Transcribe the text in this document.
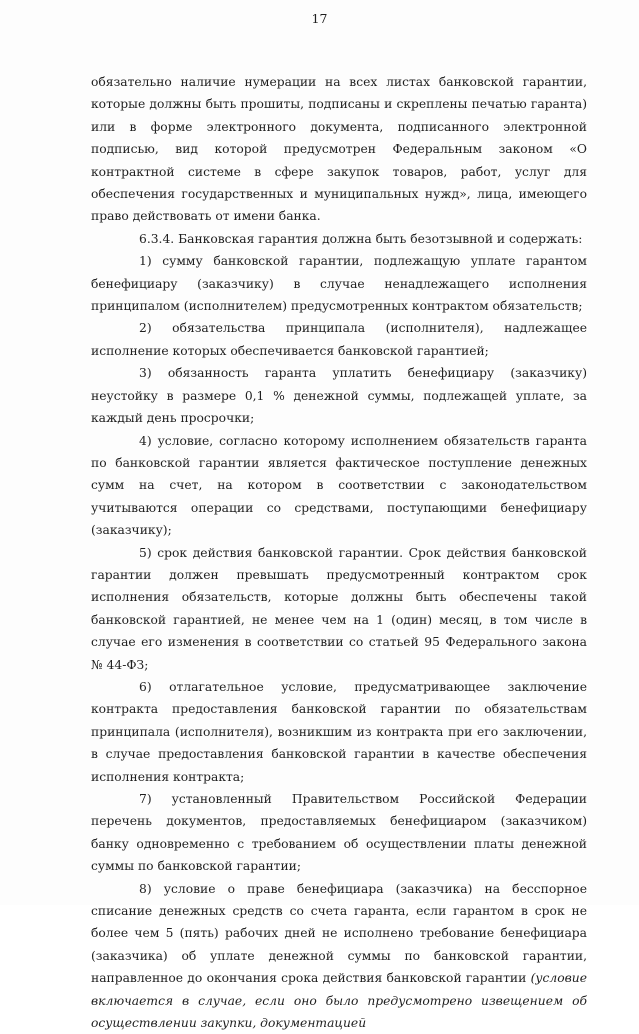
17

обязательно наличие нумерации на всех листах банковской гарантии, которые должны быть прошиты, подписаны и скреплены печатью гаранта) или в форме электронного документа, подписанного электронной подписью, вид которой предусмотрен Федеральным законом «О контрактной системе в сфере закупок товаров, работ, услуг для обеспечения государственных и муниципальных нужд», лица, имеющего право действовать от имени банка.

6.3.4. Банковская гарантия должна быть безотзывной и содержать:

1) сумму банковской гарантии, подлежащую уплате гарантом бенефициару (заказчику) в случае ненадлежащего исполнения принципалом (исполнителем) предусмотренных контрактом обязательств;

2) обязательства принципала (исполнителя), надлежащее исполнение которых обеспечивается банковской гарантией;

3) обязанность гаранта уплатить бенефициару (заказчику) неустойку в размере 0,1 % денежной суммы, подлежащей уплате, за каждый день просрочки;

4) условие, согласно которому исполнением обязательств гаранта по банковской гарантии является фактическое поступление денежных сумм на счет, на котором в соответствии с законодательством учитываются операции со средствами, поступающими бенефициару (заказчику);

5) срок действия банковской гарантии. Срок действия банковской гарантии должен превышать предусмотренный контрактом срок исполнения обязательств, которые должны быть обеспечены такой банковской гарантией, не менее чем на 1 (один) месяц, в том числе в случае его изменения в соответствии со статьей 95 Федерального закона № 44-ФЗ;

6) отлагательное условие, предусматривающее заключение контракта предоставления банковской гарантии по обязательствам принципала (исполнителя), возникшим из контракта при его заключении, в случае предоставления банковской гарантии в качестве обеспечения исполнения контракта;

7) установленный Правительством Российской Федерации перечень документов, предоставляемых бенефициаром (заказчиком) банку одновременно с требованием об осуществлении платы денежной суммы по банковской гарантии;

8) условие о праве бенефициара (заказчика) на бесспорное списание денежных средств со счета гаранта, если гарантом в срок не более чем 5 (пять) рабочих дней не исполнено требование бенефициара (заказчика) об уплате денежной суммы по банковской гарантии, направленное до окончания срока действия банковской гарантии (условие включается в случае, если оно было предусмотрено извещением об осуществлении закупки, документацией
